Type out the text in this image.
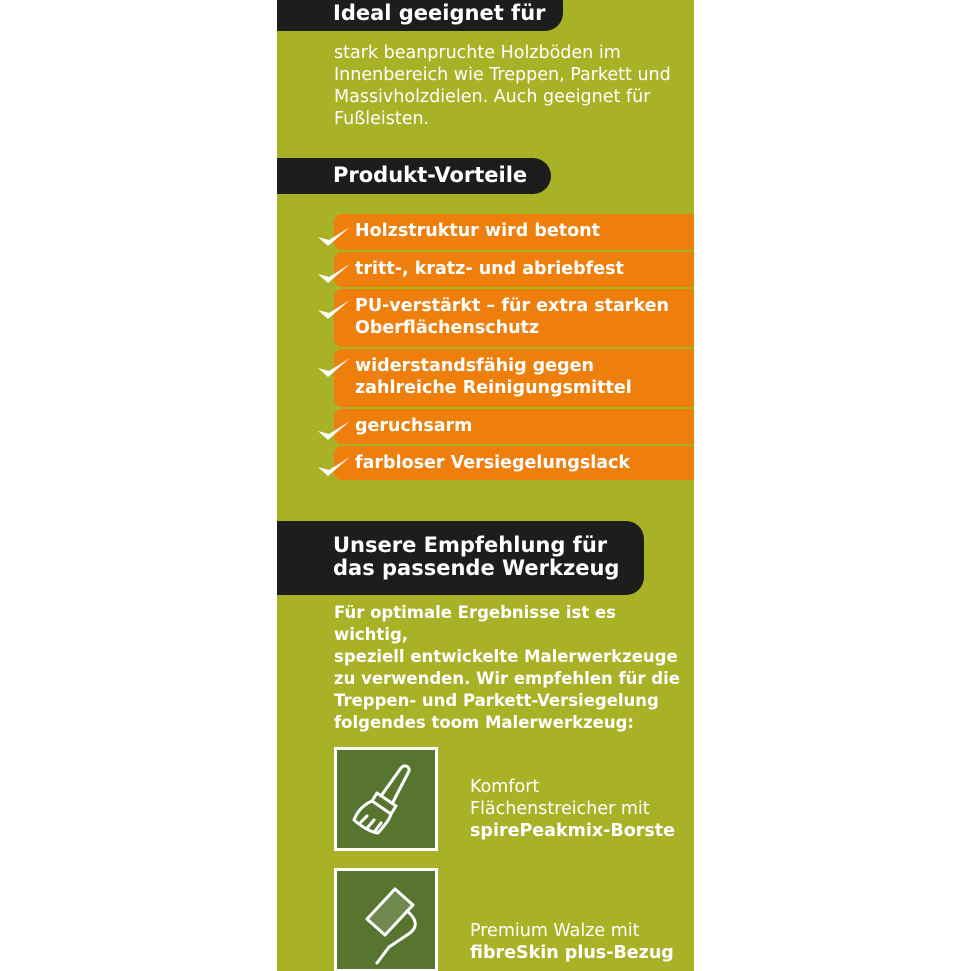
Ideal geeignet für

stark beanpruchte Holzböden im
Innenbereich wie Treppen, Parkett und
Massivholzdielen. Auch geeignet für
Fußleisten.

Produkt-Vorteile
Holzstruktur wird betont
tritt-, kratz- und abriebfest
PU-verstärkt – für extra starken
Oberflächenschutz
widerstandsfähig gegen
zahlreiche Reinigungsmittel
geruchsarm
farbloser Versiegelungslack
Unsere Empfehlung für
das passende Werkzeug

Für optimale Ergebnisse ist es wichtig,
speziell entwickelte Malerwerkzeuge
zu verwenden. Wir empfehlen für die
Treppen- und Parkett-Versiegelung
folgendes toom Malerwerkzeug:

Komfort
Flächenstreicher mit
spirePeakmix-Borste
Premium Walze mit
fibreSkin plus-Bezug
